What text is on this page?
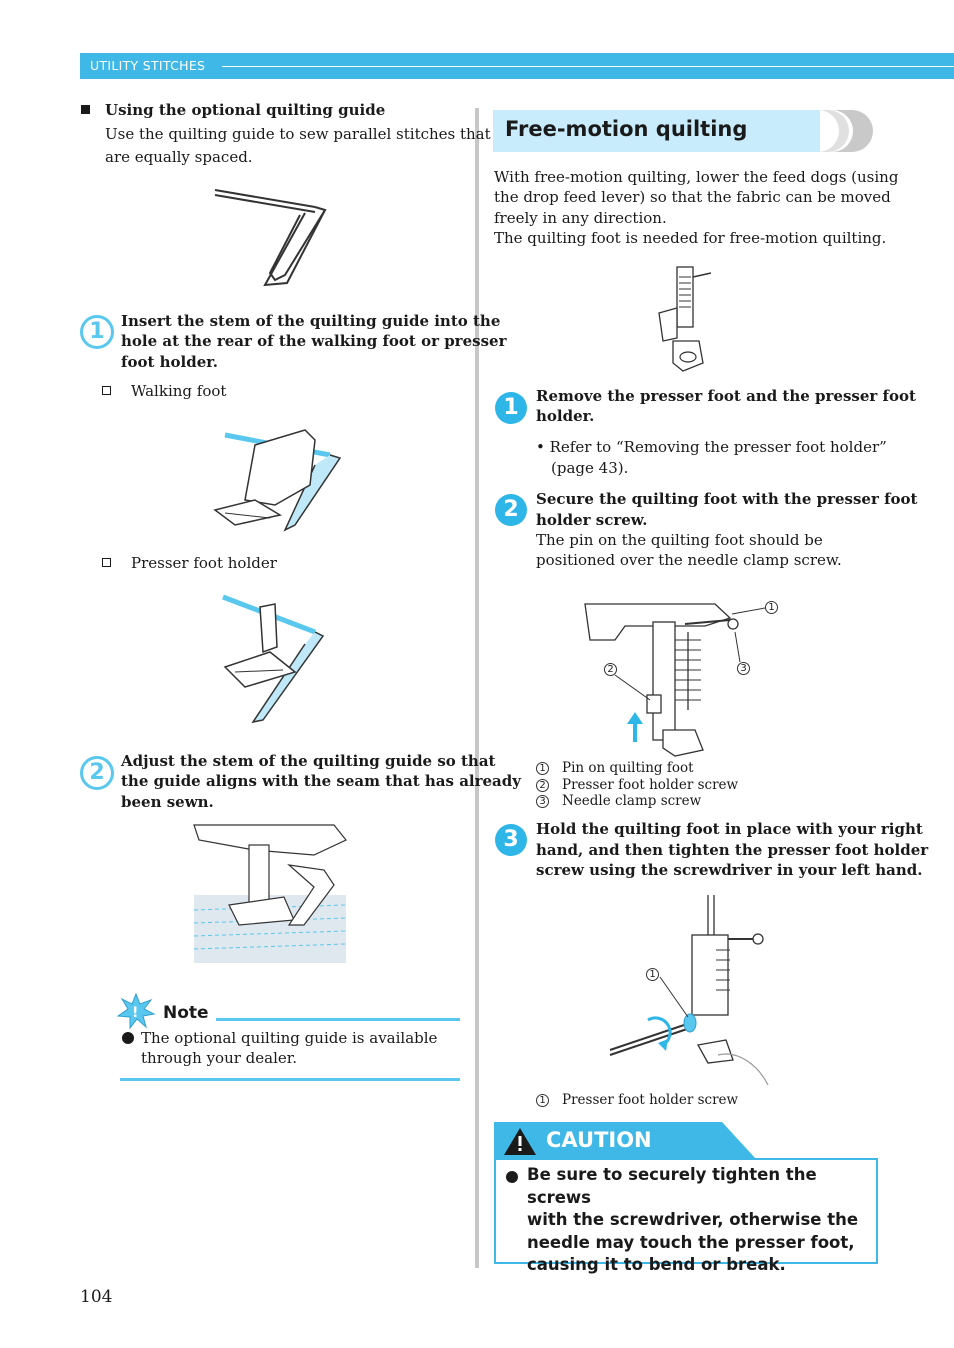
UTILITY STITCHES
Using the optional quilting guide
Use the quilting guide to sew parallel stitches that
are equally spaced.
1	Insert the stem of the quilting guide into the
hole at the rear of the walking foot or presser
foot holder.
Walking foot
Presser foot holder
2	Adjust the stem of the quilting guide so that
the guide aligns with the seam that has already
been sewn.
! Note
The optional quilting guide is available
through your dealer.
Free-motion quilting
With free-motion quilting, lower the feed dogs (using
the drop feed lever) so that the fabric can be moved
freely in any direction.
The quilting foot is needed for free-motion quilting.
1	Remove the presser foot and the presser foot
holder.
• Refer to “Removing the presser foot holder”
(page 43).
2	Secure the quilting foot with the presser foot
holder screw.
The pin on the quilting foot should be
positioned over the needle clamp screw.
1
2	3
1 Pin on quilting foot
2 Presser foot holder screw
3 Needle clamp screw
3	Hold the quilting foot in place with your right
hand, and then tighten the presser foot holder
screw using the screwdriver in your left hand.
1
1 Presser foot holder screw
CAUTION
Be sure to securely tighten the screws
with the screwdriver, otherwise the
needle may touch the presser foot,
causing it to bend or break.
104
